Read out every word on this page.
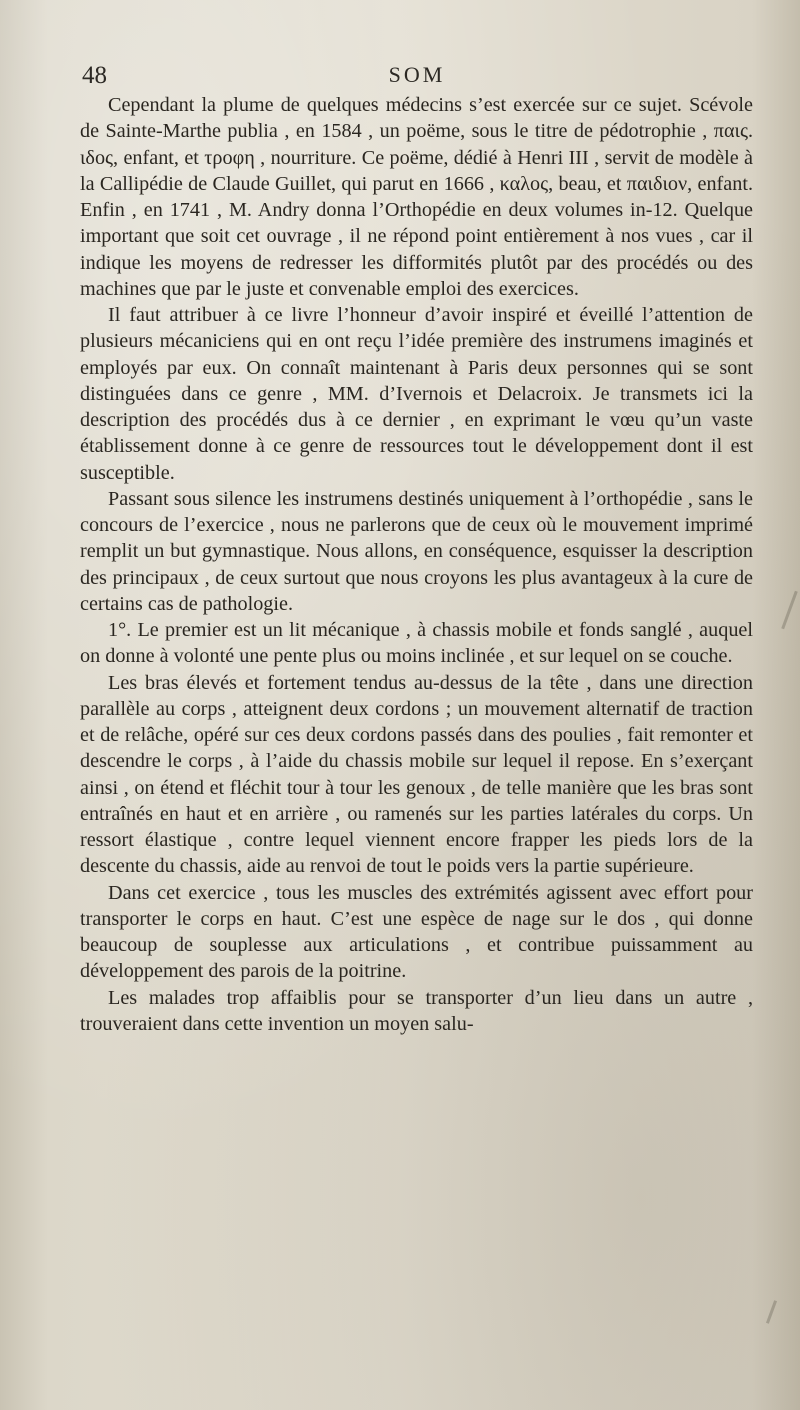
48	SOM

Cependant la plume de quelques médecins s’est exercée sur ce sujet. Scévole de Sainte-Marthe publia , en 1584 , un poëme, sous le titre de pédotrophie , παις. ιδος, enfant, et τροφη , nourriture. Ce poëme, dédié à Henri III , servit de modèle à la Callipédie de Claude Guillet, qui parut en 1666 , καλος, beau, et παιδιον, enfant. Enfin , en 1741 , M. Andry donna l’Orthopédie en deux volumes in-12. Quelque important que soit cet ouvrage , il ne répond point entièrement à nos vues , car il indique les moyens de redresser les difformités plutôt par des procédés ou des machines que par le juste et convenable emploi des exercices.

Il faut attribuer à ce livre l’honneur d’avoir inspiré et éveillé l’attention de plusieurs mécaniciens qui en ont reçu l’idée première des instrumens imaginés et employés par eux. On connaît maintenant à Paris deux personnes qui se sont distinguées dans ce genre , MM. d’Ivernois et Delacroix. Je transmets ici la description des procédés dus à ce dernier , en exprimant le vœu qu’un vaste établissement donne à ce genre de ressources tout le développement dont il est susceptible.

Passant sous silence les instrumens destinés uniquement à l’orthopédie , sans le concours de l’exercice , nous ne parlerons que de ceux où le mouvement imprimé remplit un but gymnastique. Nous allons, en conséquence, esquisser la description des principaux , de ceux surtout que nous croyons les plus avantageux à la cure de certains cas de pathologie.

1°. Le premier est un lit mécanique , à chassis mobile et fonds sanglé , auquel on donne à volonté une pente plus ou moins inclinée , et sur lequel on se couche.

Les bras élevés et fortement tendus au-dessus de la tête , dans une direction parallèle au corps , atteignent deux cordons ; un mouvement alternatif de traction et de relâche, opéré sur ces deux cordons passés dans des poulies , fait remonter et descendre le corps , à l’aide du chassis mobile sur lequel il repose. En s’exerçant ainsi , on étend et fléchit tour à tour les genoux , de telle manière que les bras sont entraînés en haut et en arrière , ou ramenés sur les parties latérales du corps. Un ressort élastique , contre lequel viennent encore frapper les pieds lors de la descente du chassis, aide au renvoi de tout le poids vers la partie supérieure.

Dans cet exercice , tous les muscles des extrémités agissent avec effort pour transporter le corps en haut. C’est une espèce de nage sur le dos , qui donne beaucoup de souplesse aux articulations , et contribue puissamment au développement des parois de la poitrine.

Les malades trop affaiblis pour se transporter d’un lieu dans un autre , trouveraient dans cette invention un moyen salu-
